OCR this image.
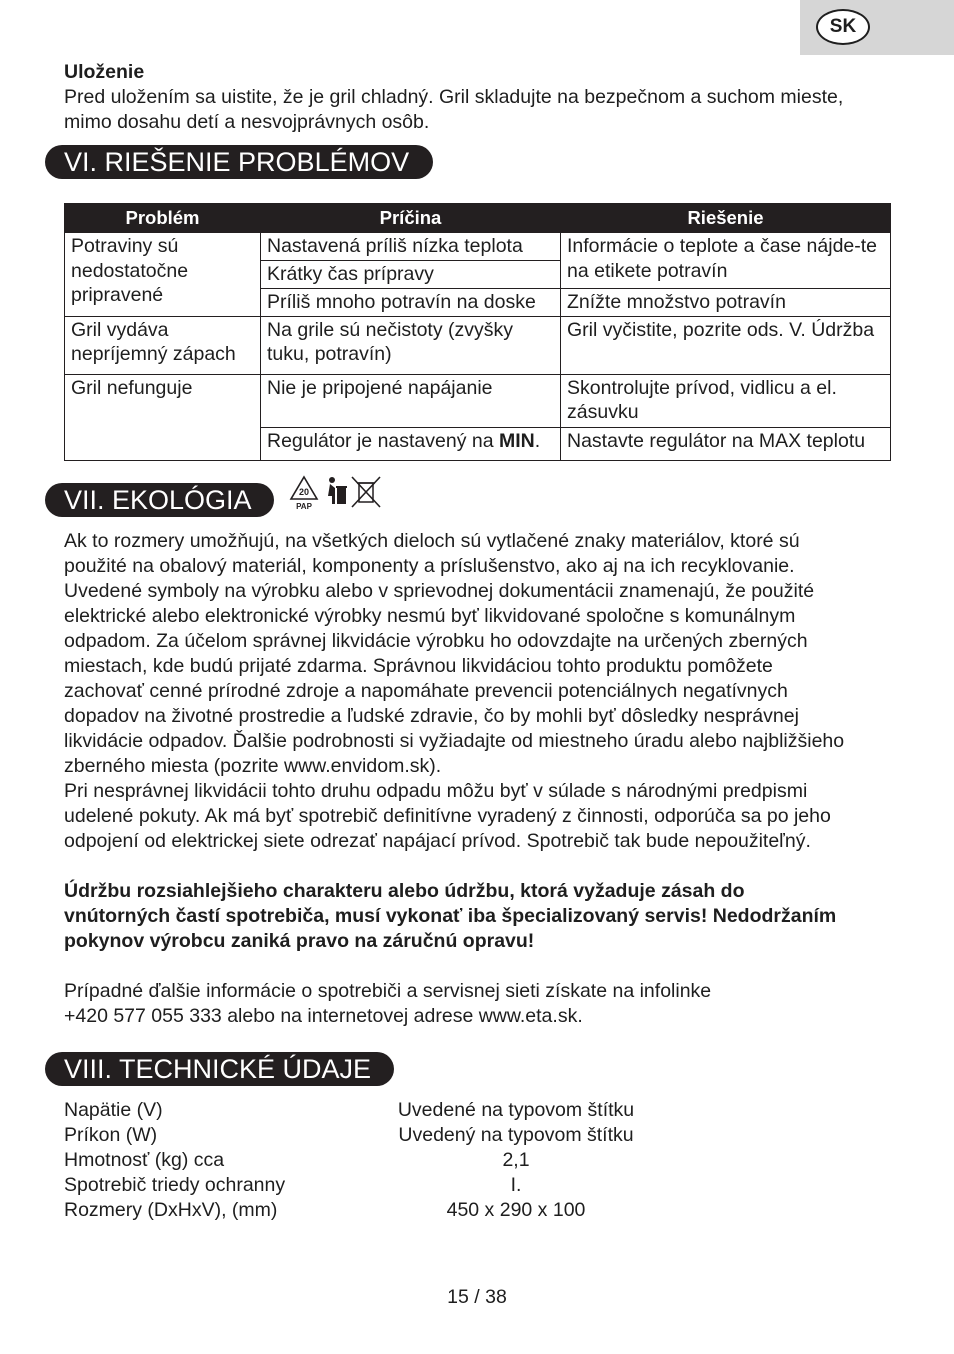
SK
Uloženie
Pred uložením sa uistite, že je gril chladný. Gril skladujte na bezpečnom a suchom mieste,
mimo dosahu detí a nesvojprávnych osôb.
VI. RIEŠENIE PROBLÉMOV
Problém	Príčina	Riešenie
Potraviny sú nedostatočne pripravené	Nastavená príliš nízka teplota	Informácie o teplote a čase nájde-te na etikete potravín
	Krátky čas prípravy	
	Príliš mnoho potravín na doske	Znížte množstvo potravín
Gril vydáva nepríjemný zápach	Na grile sú nečistoty (zvyšky tuku, potravín)	Gril vyčistite, pozrite ods. V. Údržba
Gril nefunguje	Nie je pripojené napájanie	Skontrolujte prívod, vidlicu a el. zásuvku
	Regulátor je nastavený na MIN.	Nastavte regulátor na MAX teplotu
VII. EKOLÓGIA	20
PAP
Ak to rozmery umožňujú, na všetkých dieloch sú vytlačené znaky materiálov, ktoré sú
použité na obalový materiál, komponenty a príslušenstvo, ako aj na ich recyklovanie.
Uvedené symboly na výrobku alebo v sprievodnej dokumentácii znamenajú, že použité
elektrické alebo elektronické výrobky nesmú byť likvidované spoločne s komunálnym
odpadom. Za účelom správnej likvidácie výrobku ho odovzdajte na určených zberných
miestach, kde budú prijaté zdarma. Správnou likvidáciou tohto produktu pomôžete
zachovať cenné prírodné zdroje a napomáhate prevencii potenciálnych negatívnych
dopadov na životné prostredie a ľudské zdravie, čo by mohli byť dôsledky nesprávnej
likvidácie odpadov. Ďalšie podrobnosti si vyžiadajte od miestneho úradu alebo najbližšieho
zberného miesta (pozrite www.envidom.sk).
Pri nesprávnej likvidácii tohto druhu odpadu môžu byť v súlade s národnými predpismi
udelené pokuty. Ak má byť spotrebič definitívne vyradený z činnosti, odporúča sa po jeho
odpojení od elektrickej siete odrezať napájací prívod. Spotrebič tak bude nepoužiteľný.
Údržbu rozsiahlejšieho charakteru alebo údržbu, ktorá vyžaduje zásah do
vnútorných častí spotrebiča, musí vykonať iba špecializovaný servis! Nedodržaním
pokynov výrobcu zaniká pravo na záručnú opravu!
Prípadné ďalšie informácie o spotrebiči a servisnej sieti získate na infolinke
+420 577 055 333 alebo na internetovej adrese www.eta.sk.
VIII. TECHNICKÉ ÚDAJE
Napätie (V)	Uvedené na typovom štítku
Príkon (W)	Uvedený na typovom štítku
Hmotnosť (kg) cca	2,1
Spotrebič triedy ochranny	I.
Rozmery (DxHxV), (mm)	450 x 290 x 100
15 / 38
